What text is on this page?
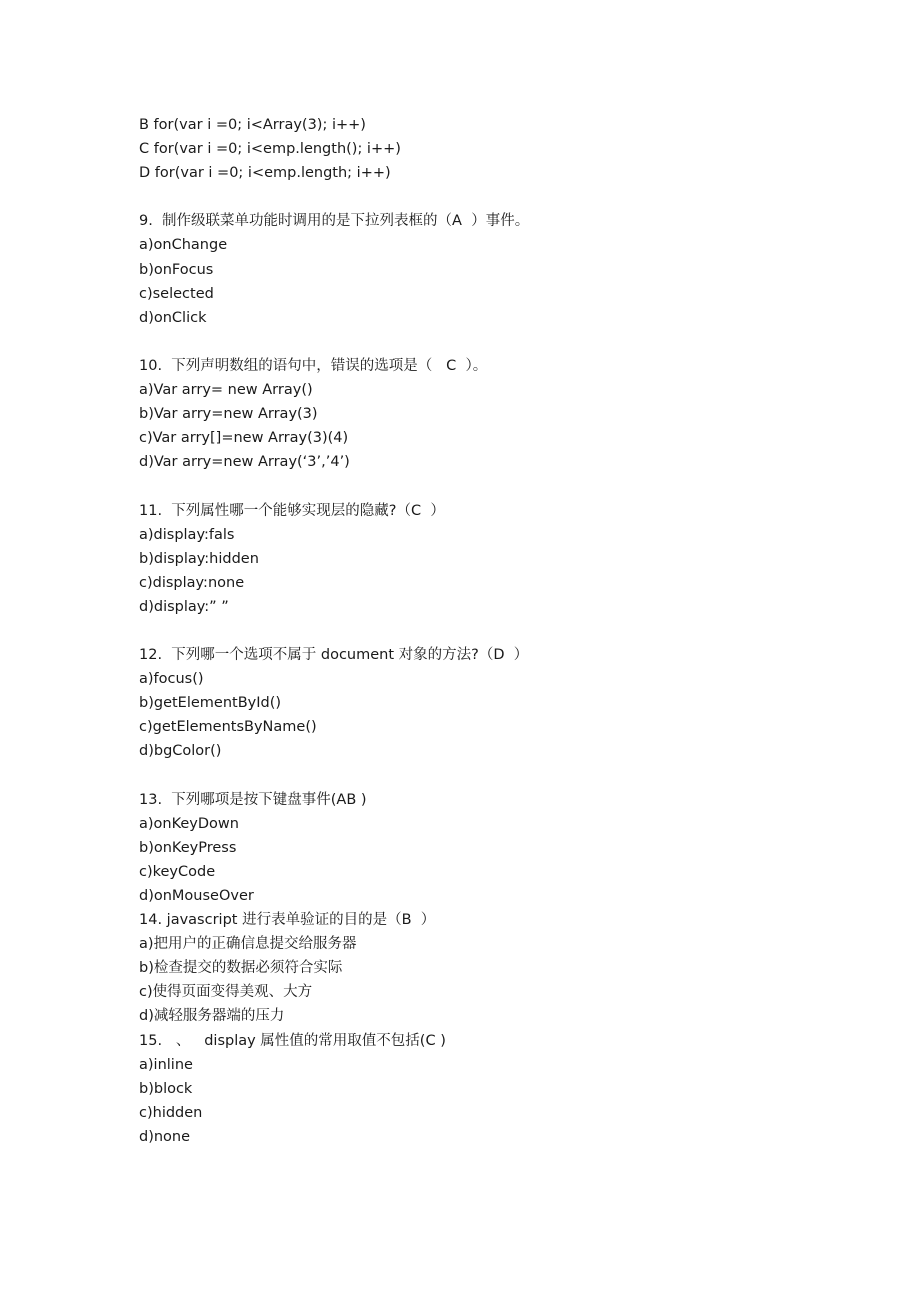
B for(var i =0; i<Array(3); i++)
C for(var i =0; i<emp.length(); i++)
D for(var i =0; i<emp.length; i++)
9.  制作级联菜单功能时调用的是下拉列表框的（A  ）事件。
a)onChange
b)onFocus
c)selected
d)onClick
10.  下列声明数组的语句中，错误的选项是（   C  ）。
a)Var arry= new Array()
b)Var arry=new Array(3)
c)Var arry[]=new Array(3)(4)
d)Var arry=new Array(‘3’,’4’)
11.  下列属性哪一个能够实现层的隐藏?（C  ）
a)display:fals
b)display:hidden
c)display:none
d)display:” ”
12.  下列哪一个选项不属于 document 对象的方法?（D  ）
a)focus()
b)getElementById()
c)getElementsByName()
d)bgColor()
13.  下列哪项是按下键盘事件(AB )
a)onKeyDown
b)onKeyPress
c)keyCode
d)onMouseOver
14. javascript 进行表单验证的目的是（B  ）
a)把用户的正确信息提交给服务器
b)检查提交的数据必须符合实际
c)使得页面变得美观、大方
d)减轻服务器端的压力
15.   、   display 属性值的常用取值不包括(C )
a)inline
b)block
c)hidden
d)none
